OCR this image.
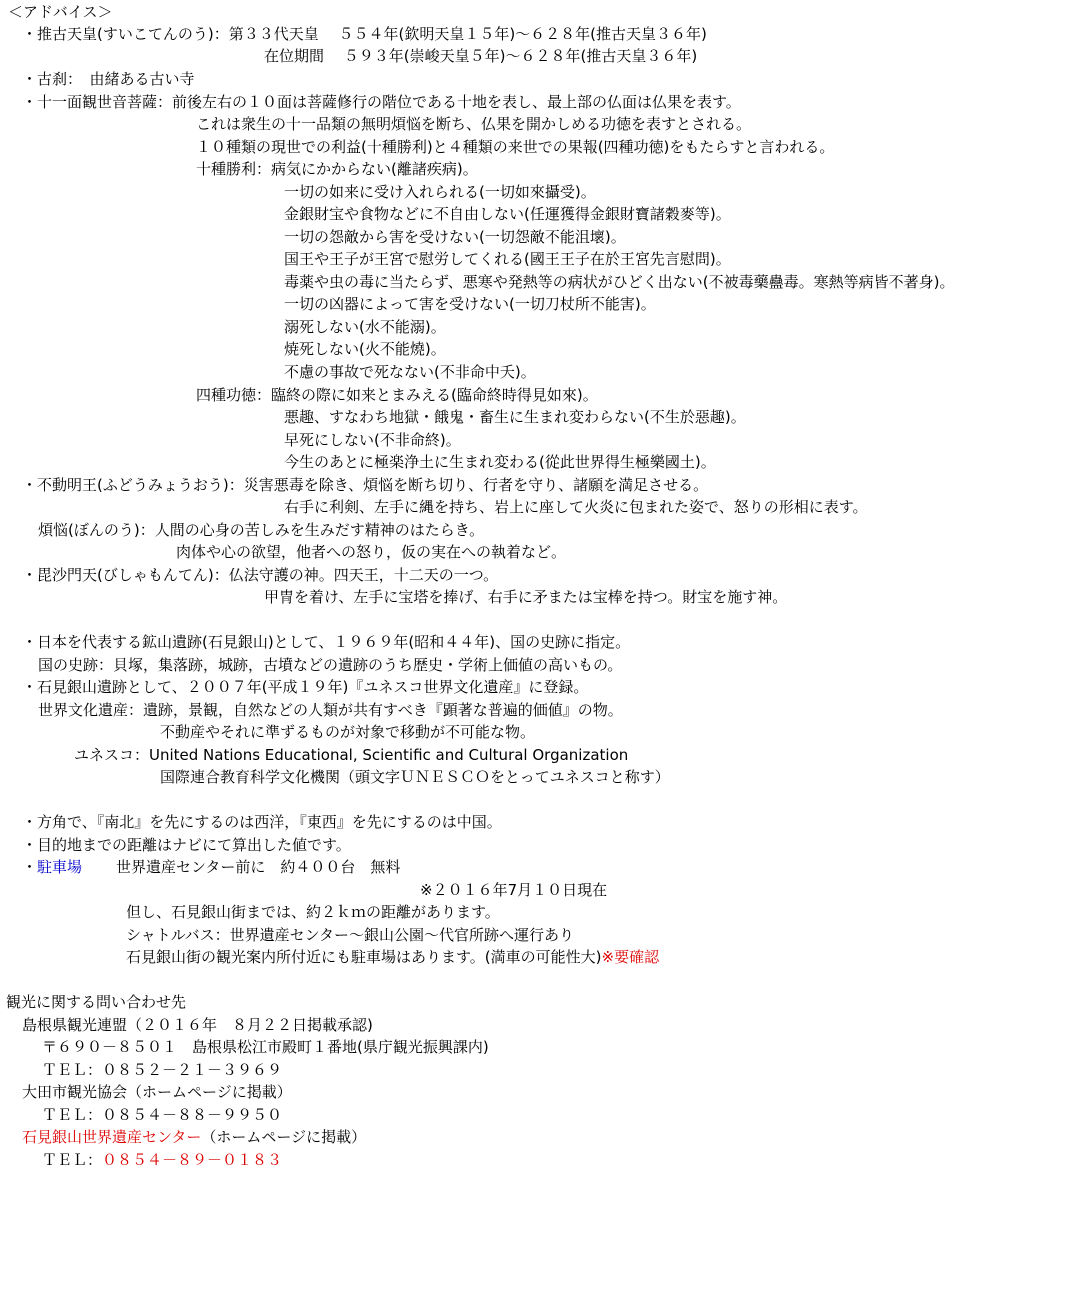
＜アドバイス＞
・推古天皇(すいこてんのう)：第３３代天皇　 ５５４年(欽明天皇１５年)～６２８年(推古天皇３６年)
在位期間　 ５９３年(崇峻天皇５年)～６２８年(推古天皇３６年)
・古刹：　由緒ある古い寺
・十一面観世音菩薩：前後左右の１０面は菩薩修行の階位である十地を表し、最上部の仏面は仏果を表す。
これは衆生の十一品類の無明煩悩を断ち、仏果を開かしめる功徳を表すとされる。
１０種類の現世での利益(十種勝利)と４種類の来世での果報(四種功徳)をもたらすと言われる。
十種勝利：病気にかからない(離諸疾病)。
一切の如来に受け入れられる(一切如來攝受)。
金銀財宝や食物などに不自由しない(任運獲得金銀財寶諸穀麥等)。
一切の怨敵から害を受けない(一切怨敵不能沮壞)。
国王や王子が王宮で慰労してくれる(國王王子在於王宮先言慰問)。
毒薬や虫の毒に当たらず、悪寒や発熱等の病状がひどく出ない(不被毒藥蠱毒。寒熱等病皆不著身)。
一切の凶器によって害を受けない(一切刀杖所不能害)。
溺死しない(水不能溺)。
焼死しない(火不能燒)。
不慮の事故で死なない(不非命中夭)。
四種功徳：臨終の際に如来とまみえる(臨命終時得見如來)。
悪趣、すなわち地獄・餓鬼・畜生に生まれ変わらない(不生於惡趣)。
早死にしない(不非命終)。
今生のあとに極楽浄土に生まれ変わる(從此世界得生極樂國土)。
・不動明王(ふどうみょうおう)：災害悪毒を除き、煩悩を断ち切り、行者を守り、諸願を満足させる。
右手に利剣、左手に縄を持ち、岩上に座して火炎に包まれた姿で、怒りの形相に表す。
煩悩(ぼんのう)：人間の心身の苦しみを生みだす精神のはたらき。
肉体や心の欲望，他者への怒り，仮の実在への執着など。
・毘沙門天(びしゃもんてん)：仏法守護の神。四天王，十二天の一つ。
甲冑を着け、左手に宝塔を捧げ、右手に矛または宝棒を持つ。財宝を施す神。
・日本を代表する鉱山遺跡(石見銀山)として、１９６９年(昭和４４年)、国の史跡に指定。
国の史跡：貝塚，集落跡，城跡，古墳などの遺跡のうち歴史・学術上価値の高いもの。
・石見銀山遺跡として、２００７年(平成１９年)『ユネスコ世界文化遺産』に登録。
世界文化遺産：遺跡，景観，自然などの人類が共有すべき『顕著な普遍的価値』の物。
不動産やそれに準ずるものが対象で移動が不可能な物。
ユネスコ：United Nations Educational, Scientific and Cultural Organization
国際連合教育科学文化機関（頭文字ＵＮＥＳＣＯをとってユネスコと称す）
・方角で、『南北』を先にするのは西洋，『東西』を先にするのは中国。
・目的地までの距離はナビにて算出した値です。
・駐車場 世界遺産センター前に　約４００台　無料
※２０１６年7月１０日現在
但し、石見銀山街までは、約２ｋｍの距離があります。
シャトルバス：世界遺産センター～銀山公園～代官所跡へ運行あり
石見銀山街の観光案内所付近にも駐車場はあります。(満車の可能性大)※要確認
観光に関する問い合わせ先
島根県観光連盟（２０１６年　８月２２日掲載承認)
〒６９０－８５０１　島根県松江市殿町１番地(県庁観光振興課内)
ＴＥＬ：０８５２－２１－３９６９
大田市観光協会（ホームページに掲載）
ＴＥＬ：０８５４－８８－９９５０
石見銀山世界遺産センター（ホームページに掲載）
ＴＥＬ：０８５４－８９－０１８３
